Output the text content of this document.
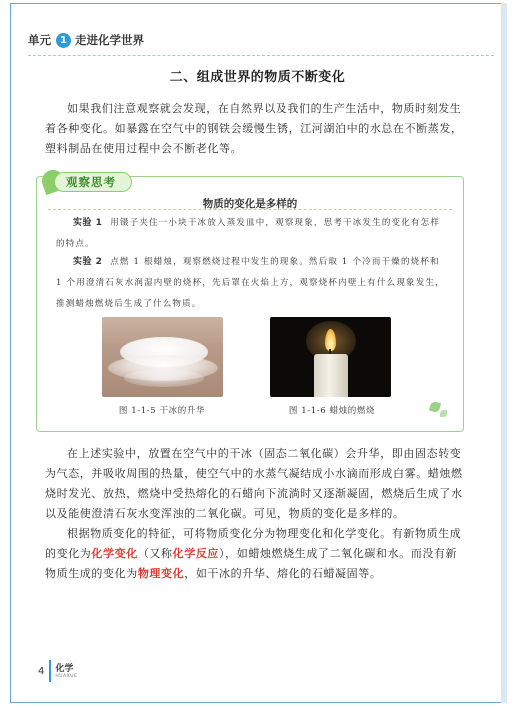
单元 1 走进化学世界
二、组成世界的物质不断变化
如果我们注意观察就会发现，在自然界以及我们的生产生活中，物质时刻发生着各种变化。如暴露在空气中的钢铁会缓慢生锈，江河湖泊中的水总在不断蒸发，塑料制品在使用过程中会不断老化等。
观察思考
物质的变化是多样的
实验 1 用镊子夹住一小块干冰放入蒸发皿中，观察现象，思考干冰发生的变化有怎样的特点。
实验 2 点燃 1 根蜡烛，观察燃烧过程中发生的现象。然后取 1 个冷而干燥的烧杯和 1 个用澄清石灰水润湿内壁的烧杯，先后罩在火焰上方，观察烧杯内壁上有什么现象发生，推测蜡烛燃烧后生成了什么物质。
图 1-1-5 干冰的升华	图 1-1-6 蜡烛的燃烧
在上述实验中，放置在空气中的干冰（固态二氧化碳）会升华，即由固态转变为气态，并吸收周围的热量，使空气中的水蒸气凝结成小水滴而形成白雾。蜡烛燃烧时发光、放热，燃烧中受热熔化的石蜡向下流淌时又逐渐凝固，燃烧后生成了水以及能使澄清石灰水变浑浊的二氧化碳。可见，物质的变化是多样的。
根据物质变化的特征，可将物质变化分为物理变化和化学变化。有新物质生成的变化为化学变化（又称化学反应），如蜡烛燃烧生成了二氧化碳和水。而没有新物质生成的变化为物理变化，如干冰的升华、熔化的石蜡凝固等。
4 化学
HUAXUE
